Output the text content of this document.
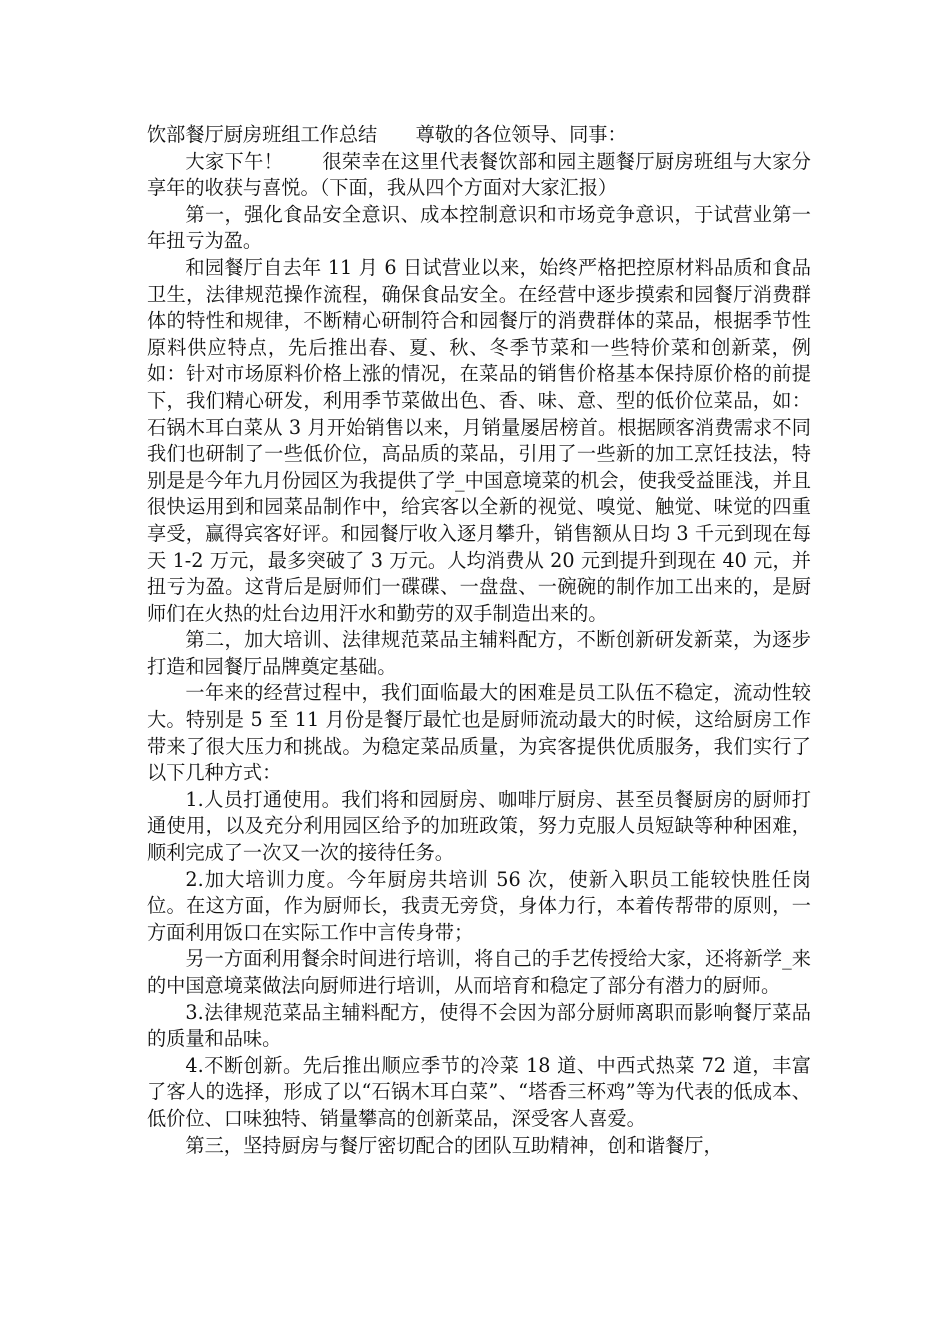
饮部餐厅厨房班组工作总结　　尊敬的各位领导、同事：

大家下午！　　很荣幸在这里代表餐饮部和园主题餐厅厨房班组与大家分享年的收获与喜悦。（下面，我从四个方面对大家汇报）

第一，强化食品安全意识、成本控制意识和市场竞争意识，于试营业第一年扭亏为盈。

和园餐厅自去年 11 月 6 日试营业以来，始终严格把控原材料品质和食品卫生，法律规范操作流程，确保食品安全。在经营中逐步摸索和园餐厅消费群体的特性和规律，不断精心研制符合和园餐厅的消费群体的菜品，根据季节性原料供应特点，先后推出春、夏、秋、冬季节菜和一些特价菜和创新菜，例如：针对市场原料价格上涨的情况，在菜品的销售价格基本保持原价格的前提下，我们精心研发，利用季节菜做出色、香、味、意、型的低价位菜品，如：石锅木耳白菜从 3 月开始销售以来，月销量屡居榜首。根据顾客消费需求不同我们也研制了一些低价位，高品质的菜品，引用了一些新的加工烹饪技法，特别是是今年九月份园区为我提供了学_中国意境菜的机会，使我受益匪浅，并且很快运用到和园菜品制作中，给宾客以全新的视觉、嗅觉、触觉、味觉的四重享受，赢得宾客好评。和园餐厅收入逐月攀升，销售额从日均 3 千元到现在每天 1-2 万元，最多突破了 3 万元。人均消费从 20 元到提升到现在 40 元，并扭亏为盈。这背后是厨师们一碟碟、一盘盘、一碗碗的制作加工出来的，是厨师们在火热的灶台边用汗水和勤劳的双手制造出来的。

第二，加大培训、法律规范菜品主辅料配方，不断创新研发新菜，为逐步打造和园餐厅品牌奠定基础。

一年来的经营过程中，我们面临最大的困难是员工队伍不稳定，流动性较大。特别是 5 至 11 月份是餐厅最忙也是厨师流动最大的时候，这给厨房工作带来了很大压力和挑战。为稳定菜品质量，为宾客提供优质服务，我们实行了以下几种方式：

1.人员打通使用。我们将和园厨房、咖啡厅厨房、甚至员餐厨房的厨师打通使用，以及充分利用园区给予的加班政策，努力克服人员短缺等种种困难，顺利完成了一次又一次的接待任务。

2.加大培训力度。今年厨房共培训 56 次，使新入职员工能较快胜任岗位。在这方面，作为厨师长，我责无旁贷，身体力行，本着传帮带的原则，一方面利用饭口在实际工作中言传身带；

另一方面利用餐余时间进行培训，将自己的手艺传授给大家，还将新学_来的中国意境菜做法向厨师进行培训，从而培育和稳定了部分有潜力的厨师。

3.法律规范菜品主辅料配方，使得不会因为部分厨师离职而影响餐厅菜品的质量和品味。

4.不断创新。先后推出顺应季节的冷菜 18 道、中西式热菜 72 道，丰富了客人的选择，形成了以“石锅木耳白菜”、“塔香三杯鸡”等为代表的低成本、低价位、口味独特、销量攀高的创新菜品，深受客人喜爱。

第三，坚持厨房与餐厅密切配合的团队互助精神，创和谐餐厅，
